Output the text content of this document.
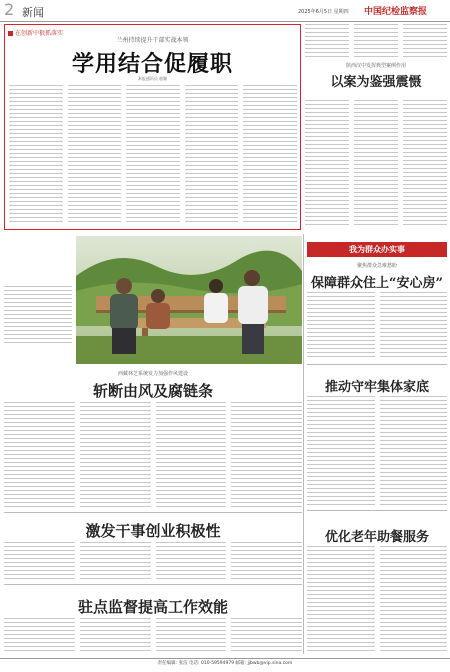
2 新闻	2025年6月5日 星期四 中国纪检监察报
在创新中狠抓落实
兰州持续提升干部实战本领
学用结合促履职
本报通讯员 桂颖
陕西汉中发挥典型案例作用
以案为鉴强震慑
我为群众办实事
聚焦群众急难愁盼
保障群众住上“安心房”
推动守牢集体家底
优化老年助餐服务
西藏林芝系统发力加强作风建设
斩断由风及腐链条
激发干事创业积极性
驻点监督提高工作效能
责任编辑: 张洁 电话: 010-59594979 邮箱: jjbwb@vip.sina.com
